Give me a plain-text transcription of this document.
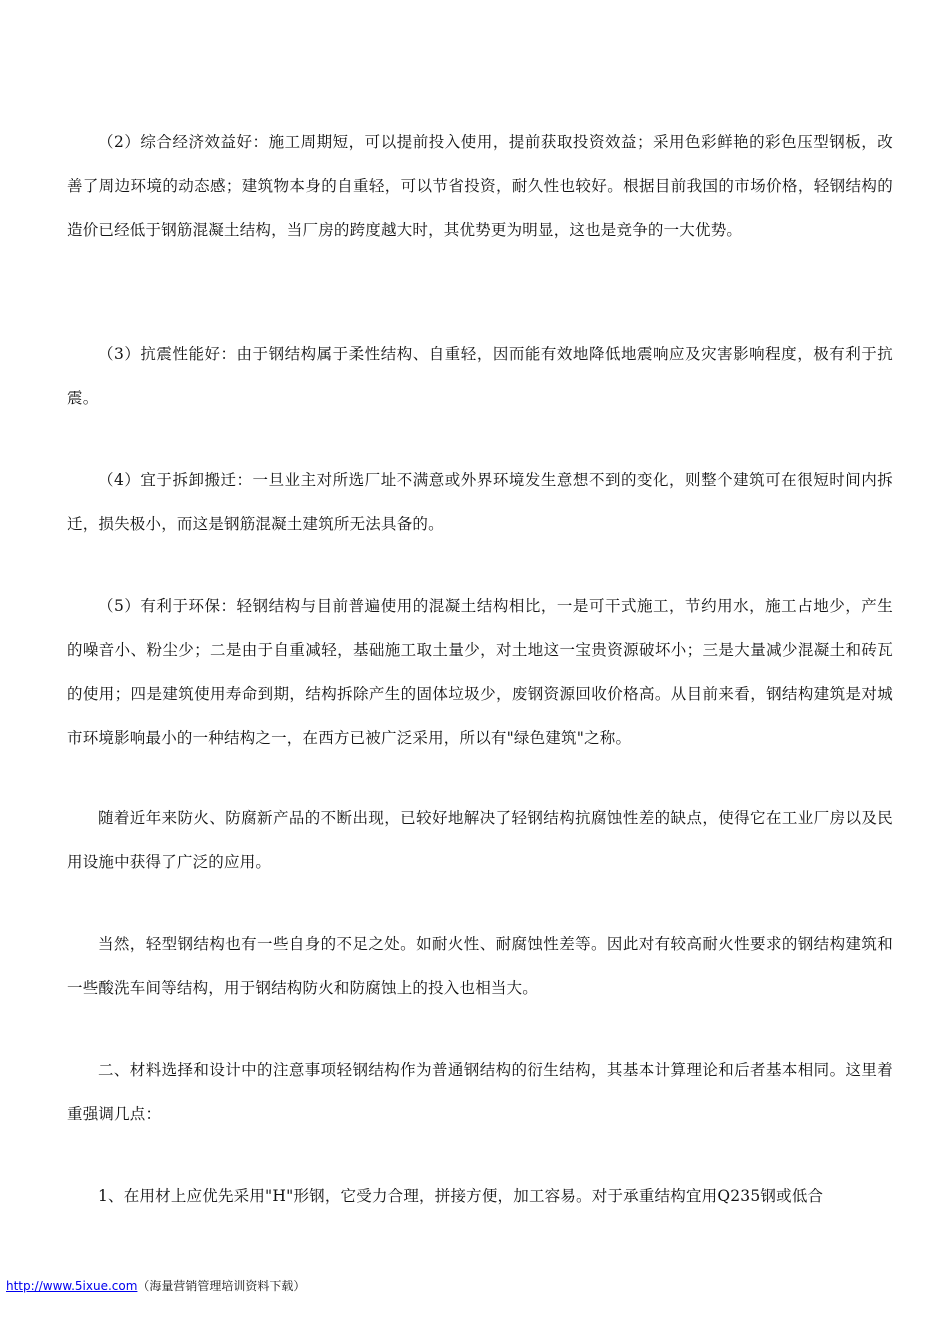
（2）综合经济效益好：施工周期短，可以提前投入使用，提前获取投资效益；采用色彩鲜艳的彩色压型钢板，改善了周边环境的动态感；建筑物本身的自重轻，可以节省投资，耐久性也较好。根据目前我国的市场价格，轻钢结构的造价已经低于钢筋混凝土结构，当厂房的跨度越大时，其优势更为明显，这也是竞争的一大优势。

（3）抗震性能好：由于钢结构属于柔性结构、自重轻，因而能有效地降低地震响应及灾害影响程度，极有利于抗震。

（4）宜于拆卸搬迁：一旦业主对所选厂址不满意或外界环境发生意想不到的变化，则整个建筑可在很短时间内拆迁，损失极小，而这是钢筋混凝土建筑所无法具备的。

（5）有利于环保：轻钢结构与目前普遍使用的混凝土结构相比，一是可干式施工，节约用水，施工占地少，产生的噪音小、粉尘少；二是由于自重减轻，基础施工取土量少，对土地这一宝贵资源破坏小；三是大量减少混凝土和砖瓦的使用；四是建筑使用寿命到期，结构拆除产生的固体垃圾少，废钢资源回收价格高。从目前来看，钢结构建筑是对城市环境影响最小的一种结构之一，在西方已被广泛采用，所以有"绿色建筑"之称。

随着近年来防火、防腐新产品的不断出现，已较好地解决了轻钢结构抗腐蚀性差的缺点，使得它在工业厂房以及民用设施中获得了广泛的应用。

当然，轻型钢结构也有一些自身的不足之处。如耐火性、耐腐蚀性差等。因此对有较高耐火性要求的钢结构建筑和一些酸洗车间等结构，用于钢结构防火和防腐蚀上的投入也相当大。

二、材料选择和设计中的注意事项轻钢结构作为普通钢结构的衍生结构，其基本计算理论和后者基本相同。这里着重强调几点：

1、在用材上应优先采用"H"形钢，它受力合理，拼接方便，加工容易。对于承重结构宜用Q235钢或低合

http://www.5ixue.com（海量营销管理培训资料下载）
